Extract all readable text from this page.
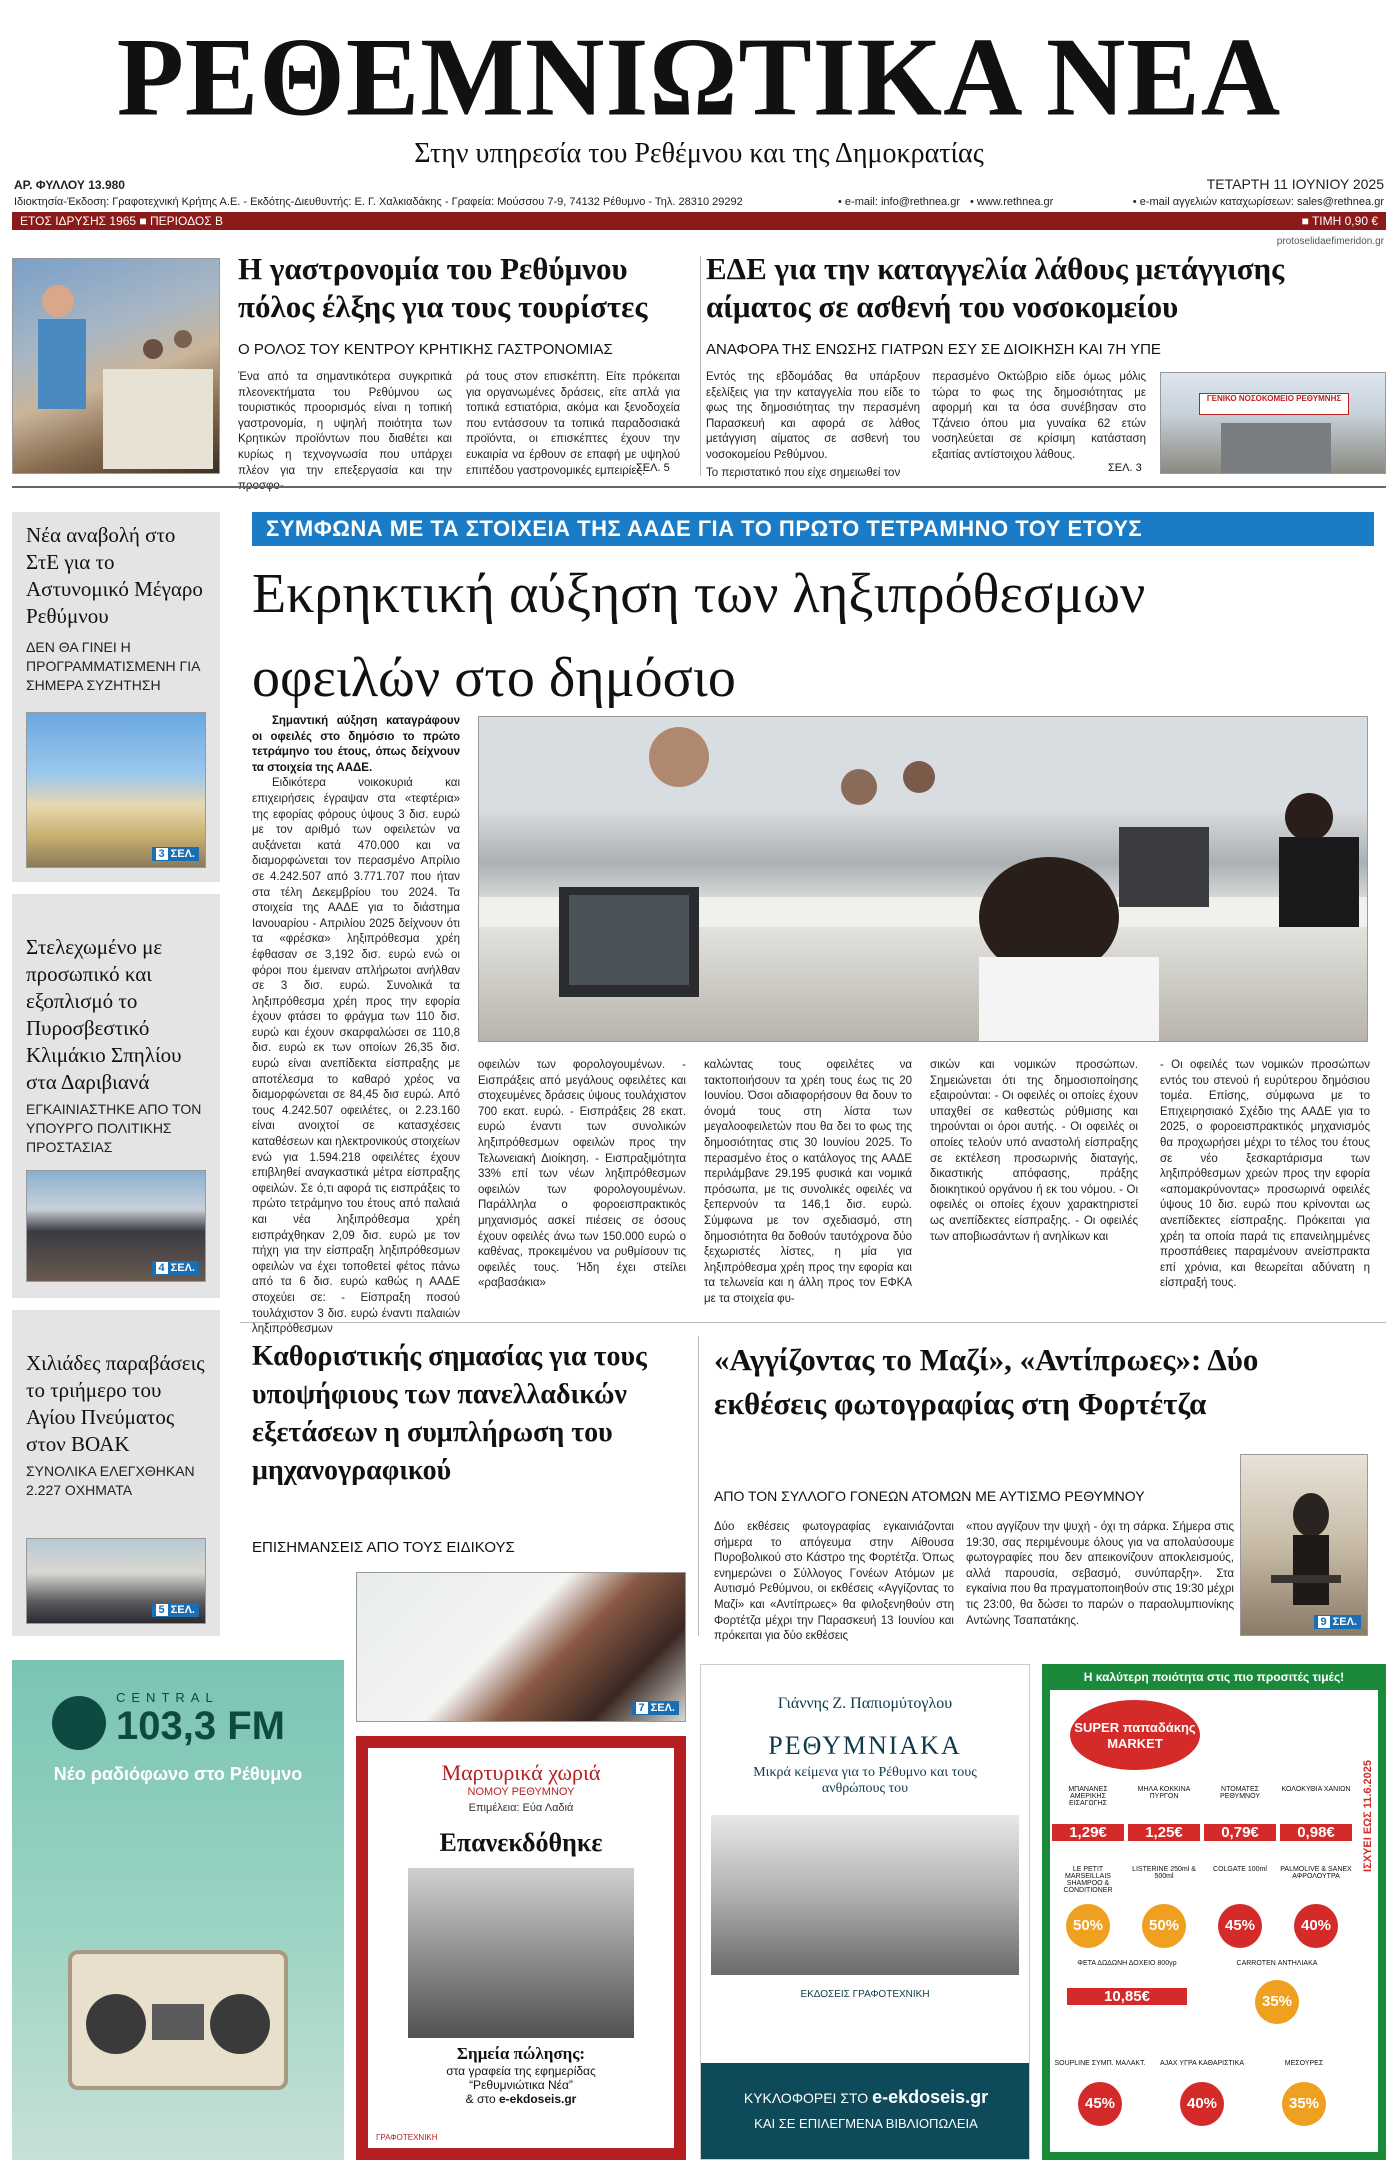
ΡΕΘΕΜΝΙΩΤΙΚΑ ΝΕΑ
Στην υπηρεσία του Ρεθέμνου και της Δημοκρατίας
ΑΡ. ΦΥΛΛΟΥ 13.980	ΤΕΤΑΡΤΗ 11 ΙΟΥΝΙΟΥ 2025
Ιδιοκτησία-Έκδοση: Γραφοτεχνική Κρήτης Α.Ε. - Εκδότης-Διευθυντής: Ε. Γ. Χαλκιαδάκης - Γραφεία: Μούσσου 7-9, 74132 Ρέθυμνο - Τηλ. 28310 29292	• e-mail: info@rethnea.gr • www.rethnea.gr	• e-mail αγγελιών καταχωρίσεων: sales@rethnea.gr
ΕΤΟΣ ΙΔΡΥΣΗΣ 1965 ■ ΠΕΡΙΟΔΟΣ Β	■ ΤΙΜΗ 0,90 €
protoselidaefimeridon.gr
Η γαστρονομία του Ρεθύμνου
πόλος έλξης για τους τουρίστες
Ο ΡΟΛΟΣ ΤΟΥ ΚΕΝΤΡΟΥ ΚΡΗΤΙΚΗΣ ΓΑΣΤΡΟΝΟΜΙΑΣ
Ένα από τα σημαντικότερα συγκριτικά πλεονεκτήματα του Ρεθύμνου ως τουριστικός προορισμός είναι η τοπική γαστρονομία, η υψηλή ποιότητα των Κρητικών προϊόντων που διαθέτει και κυρίως η τεχνογνωσία που υπάρχει πλέον για την επεξεργασία και την
ρά τους στον επισκέπτη. Είτε πρόκειται για οργανωμένες δράσεις, είτε απλά για τοπικά εστιατόρια, ακόμα και ξενοδοχεία που εντάσσουν τα τοπικά παραδοσιακά προϊόντα, οι επισκέπτες έχουν την ευκαιρία να έρθουν σε επαφή με υψηλού επιπέδου γαστρονομικές εμπειρίες.
ΣΕΛ. 5
ΕΔΕ για την καταγγελία λάθους μετάγγισης
αίματος σε ασθενή του νοσοκομείου
ΑΝΑΦΟΡΑ ΤΗΣ ΕΝΩΣΗΣ ΓΙΑΤΡΩΝ ΕΣΥ ΣΕ ΔΙΟΙΚΗΣΗ ΚΑΙ 7Η ΥΠΕ
Εντός της εβδομάδας θα υπάρξουν εξελίξεις για την καταγγελία που είδε το φως της δημοσιότητας την περασμένη Παρασκευή και αφορά σε λάθος μετάγγιση αίματος σε ασθενή του νοσοκομείου Ρεθύμνου.
Το περιστατικό που είχε σημειωθεί τον
περασμένο Οκτώβριο είδε όμως μόλις τώρα το φως της δημοσιότητας με αφορμή και τα όσα συνέβησαν στο Τζάνειο όπου μια γυναίκα 62 ετών νοσηλεύεται σε κρίσιμη κατάσταση εξαιτίας αντίστοιχου λάθους.
ΣΕΛ. 3
ΓΕΝΙΚΟ ΝΟΣΟΚΟΜΕΙΟ ΡΕΘΥΜΝΗΣ
Νέα αναβολή στο ΣτΕ για το Αστυνομικό Μέγαρο Ρεθύμνου
ΔΕΝ ΘΑ ΓΙΝΕΙ Η ΠΡΟΓΡΑΜΜΑΤΙΣΜΕΝΗ ΓΙΑ ΣΗΜΕΡΑ ΣΥΖΗΤΗΣΗ
3 ΣΕΛ.
Στελεχωμένο με προσωπικό και εξοπλισμό το Πυροσβεστικό Κλιμάκιο Σπηλίου στα Δαριβιανά
ΕΓΚΑΙΝΙΑΣΤΗΚΕ ΑΠΟ ΤΟΝ ΥΠΟΥΡΓΟ ΠΟΛΙΤΙΚΗΣ ΠΡΟΣΤΑΣΙΑΣ
4 ΣΕΛ.
Χιλιάδες παραβάσεις το τριήμερο του Αγίου Πνεύματος στον ΒΟΑΚ
ΣΥΝΟΛΙΚΑ ΕΛΕΓΧΘΗΚΑΝ 2.227 ΟΧΗΜΑΤΑ
5 ΣΕΛ.
ΣΥΜΦΩΝΑ ΜΕ ΤΑ ΣΤΟΙΧΕΙΑ ΤΗΣ ΑΑΔΕ ΓΙΑ ΤΟ ΠΡΩΤΟ ΤΕΤΡΑΜΗΝΟ ΤΟΥ ΕΤΟΥΣ
Εκρηκτική αύξηση των ληξιπρόθεσμων
οφειλών στο δημόσιο
Σημαντική αύξηση καταγράφουν οι οφειλές στο δημόσιο το πρώτο τετράμηνο του έτους, όπως δείχνουν τα στοιχεία της ΑΑΔΕ.
Ειδικότερα νοικοκυριά και επιχειρήσεις έγραψαν στα «τεφτέρια» της εφορίας φόρους ύψους 3 δισ. ευρώ με τον αριθμό των οφειλετών να αυξάνεται κατά 470.000 και να διαμορφώνεται τον περασμένο Απρίλιο σε 4.242.507 από 3.771.707 που ήταν στα τέλη Δεκεμβρίου του 2024. Τα στοιχεία της ΑΑΔΕ για το διάστημα Ιανουαρίου - Απριλίου 2025 δείχνουν ότι τα «φρέσκα» ληξιπρόθεσμα χρέη έφθασαν σε 3,192 δισ. ευρώ ενώ οι φόροι που έμειναν απλήρωτοι ανήλθαν σε 3 δισ. ευρώ. Συνολικά τα ληξιπρόθεσμα χρέη προς την εφορία έχουν φτάσει το φράγμα των 110 δισ. ευρώ και έχουν σκαρφαλώσει σε 110,8 δισ. ευρώ εκ των οποίων 26,35 δισ. ευρώ είναι ανεπίδεκτα είσπραξης με αποτέλεσμα το καθαρό χρέος να διαμορφώνεται σε 84,45 δισ ευρώ. Από τους 4.242.507 οφειλέτες, οι 2.23.160 είναι ανοιχτοί σε κατασχέσεις καταθέσεων και ηλεκτρονικούς στοιχείων ενώ για 1.594.218 οφειλέτες έχουν επιβληθεί αναγκαστικά μέτρα είσπραξης οφειλών. Σε ό,τι αφορά τις εισπράξεις το πρώτο τετράμηνο του έτους από παλαιά και νέα ληξιπρόθεσμα χρέη εισπράχθηκαν 2,09 δισ. ευρώ με τον πήχη για την είσπραξη ληξιπρόθεσμων οφειλών να έχει τοποθετεί φέτος πάνω από τα 6 δισ. ευρώ καθώς η ΑΑΔΕ στοχεύει σε: - Είσπραξη ποσού τουλάχιστον 3 δισ. ευρώ έναντι παλαιών ληξιπρόθεσμων
οφειλών των φορολογουμένων. - Εισπράξεις από μεγάλους οφειλέτες και στοχευμένες δράσεις ύψους τουλάχιστον 700 εκατ. ευρώ. - Εισπράξεις 28 εκατ. ευρώ έναντι των συνολικών ληξιπρόθεσμων οφειλών προς την Τελωνειακή Διοίκηση. - Εισπραξιμότητα 33% επί των νέων ληξιπρόθεσμων οφειλών των φορολογουμένων. Παράλληλα ο φοροεισπρακτικός μηχανισμός ασκεί πιέσεις σε όσους έχουν οφειλές άνω των 150.000 ευρώ ο καθένας, προκειμένου να ρυθμίσουν τις οφειλές τους. Ήδη έχει στείλει «ραβασάκια»
καλώντας τους οφειλέτες να τακτοποιήσουν τα χρέη τους έως τις 20 Ιουνίου. Όσοι αδιαφορήσουν θα δουν το όνομά τους στη λίστα των μεγαλοοφειλετών που θα δει το φως της δημοσιότητας στις 30 Ιουνίου 2025. Το περασμένο έτος ο κατάλογος της ΑΑΔΕ περιλάμβανε 29.195 φυσικά και νομικά πρόσωπα, με τις συνολικές οφειλές να ξεπερνούν τα 146,1 δισ. ευρώ. Σύμφωνα με τον σχεδιασμό, στη δημοσιότητα θα δοθούν ταυτόχρονα δύο ξεχωριστές λίστες, η μία για ληξιπρόθεσμα χρέη προς την εφορία και τα τελωνεία και η άλλη προς τον ΕΦΚΑ με τα στοιχεία φυ-
σικών και νομικών προσώπων. Σημειώνεται ότι της δημοσιοποίησης εξαιρούνται: - Οι οφειλές οι οποίες έχουν υπαχθεί σε καθεστώς ρύθμισης και τηρούνται οι όροι αυτής. - Οι οφειλές οι οποίες τελούν υπό αναστολή είσπραξης σε εκτέλεση προσωρινής διαταγής, δικαστικής απόφασης, πράξης διοικητικού οργάνου ή εκ του νόμου. - Οι οφειλές οι οποίες έχουν χαρακτηριστεί ως ανεπίδεκτες είσπραξης. - Οι οφειλές των αποβιωσάντων ή ανηλίκων και
- Οι οφειλές των νομικών προσώπων εντός του στενού ή ευρύτερου δημόσιου τομέα. Επίσης, σύμφωνα με το Επιχειρησιακό Σχέδιο της ΑΑΔΕ για το 2025, ο φοροεισπρακτικός μηχανισμός θα προχωρήσει μέχρι το τέλος του έτους σε νέο ξεσκαρτάρισμα των ληξιπρόθεσμων χρεών προς την εφορία «απομακρύνοντας» προσωρινά οφειλές ύψους 10 δισ. ευρώ που κρίνονται ως ανεπίδεκτες είσπραξης. Πρόκειται για χρέη τα οποία παρά τις επανειλημμένες προσπάθειες παραμένουν ανείσπρακτα επί χρόνια, και θεωρείται αδύνατη η είσπραξή τους.
Καθοριστικής σημασίας για τους υποψήφιους των πανελλαδικών εξετάσεων η συμπλήρωση του μηχανογραφικού
ΕΠΙΣΗΜΑΝΣΕΙΣ ΑΠΟ ΤΟΥΣ ΕΙΔΙΚΟΥΣ
7 ΣΕΛ.
«Αγγίζοντας το Μαζί», «Αντίπρωες»: Δύο εκθέσεις φωτογραφίας στη Φορτέτζα
ΑΠΟ ΤΟΝ ΣΥΛΛΟΓΟ ΓΟΝΕΩΝ ΑΤΟΜΩΝ ΜΕ ΑΥΤΙΣΜΟ ΡΕΘΥΜΝΟΥ
Δύο εκθέσεις φωτογραφίας εγκαινιάζονται σήμερα το απόγευμα στην Αίθουσα Πυροβολικού στο Κάστρο της Φορτέτζα. Όπως ενημερώνει ο Σύλλογος Γονέων Ατόμων με Αυτισμό Ρεθύμνου, οι εκθέσεις «Αγγίζοντας το Μαζί» και «Αντίπρωες» θα φιλοξενηθούν στη Φορτέτζα μέχρι την Παρασκευή 13 Ιουνίου και πρόκειται για δύο εκθέσεις
«που αγγίζουν την ψυχή - όχι τη σάρκα. Σήμερα στις 19:30, σας περιμένουμε όλους για να απολαύσουμε φωτογραφίες που δεν απεικονίζουν αποκλεισμούς, αλλά παρουσία, σεβασμό, συνύπαρξη». Στα εγκαίνια που θα πραγματοποιηθούν στις 19:30 μέχρι τις 23:00, θα δώσει το παρών ο παραολυμπιονίκης Αντώνης Τσαπατάκης.	9 ΣΕΛ.
CENTRAL
103,3 FM
Νέο ραδιόφωνο στο Ρέθυμνο	Μαρτυρικά χωριά
ΝΟΜΟΥ ΡΕΘΥΜΝΟΥ
Επιμέλεια: Εύα Λαδιά
Επανεκδόθηκε
Σημεία πώλησης:
στα γραφεία της εφημερίδας
“Ρεθυμνιώτικα Νέα”
& στο e-ekdoseis.gr
ΓΡΑΦΟΤΕΧΝΙΚΗ
Γιάννης Ζ. Παπιομύτογλου
ΡΕΘΥΜΝΙΑΚΑ
Μικρά κείμενα για το Ρέθυμνο και τους ανθρώπους του
ΕΚΔΟΣΕΙΣ ΓΡΑΦΟΤΕΧΝΙΚΗ
ΚΥΚΛΟΦΟΡΕΙ ΣΤΟ e-ekdoseis.gr
ΚΑΙ ΣΕ ΕΠΙΛΕΓΜΕΝΑ ΒΙΒΛΙΟΠΩΛΕΙΑ
Η καλύτερη ποιότητα στις πιο προσιτές τιμές!
SUPER παπαδάκης MARKET
ΙΣΧΥΕΙ ΕΩΣ 11.6.2025
ΜΠΑΝΑΝΕΣ ΑΜΕΡΙΚΗΣ ΕΙΣΑΓΩΓΗΣ
1,29€
ΜΗΛΑ ΚΟΚΚΙΝΑ ΠΥΡΓΟΝ
1,25€
ΝΤΟΜΑΤΕΣ ΡΕΘΥΜΝΟΥ
0,79€
ΚΟΛΟΚΥΘΙΑ ΧΑΝΙΩΝ
0,98€
LE PETIT MARSEILLAIS SHAMPOO & CONDITIONER
50%
LISTERINE 250ml & 500ml
50%
COLGATE 100ml
45%
PALMOLIVE & SANEX ΑΦΡΟΛΟΥΤΡΑ
40%
ΦΕΤΑ ΔΩΔΩΝΗ ΔΟΧΕΙΟ 800γρ
10,85€
CARROTEN ΑΝΤΗΛΙΑΚΑ
35%
SOUPLINE ΣΥΜΠ. ΜΑΛΑΚΤ.
45%
AJAX ΥΓΡΑ ΚΑΘΑΡΙΣΤΙΚΑ
40%
ΜΕΣΟΥΡΕΣ
35%
